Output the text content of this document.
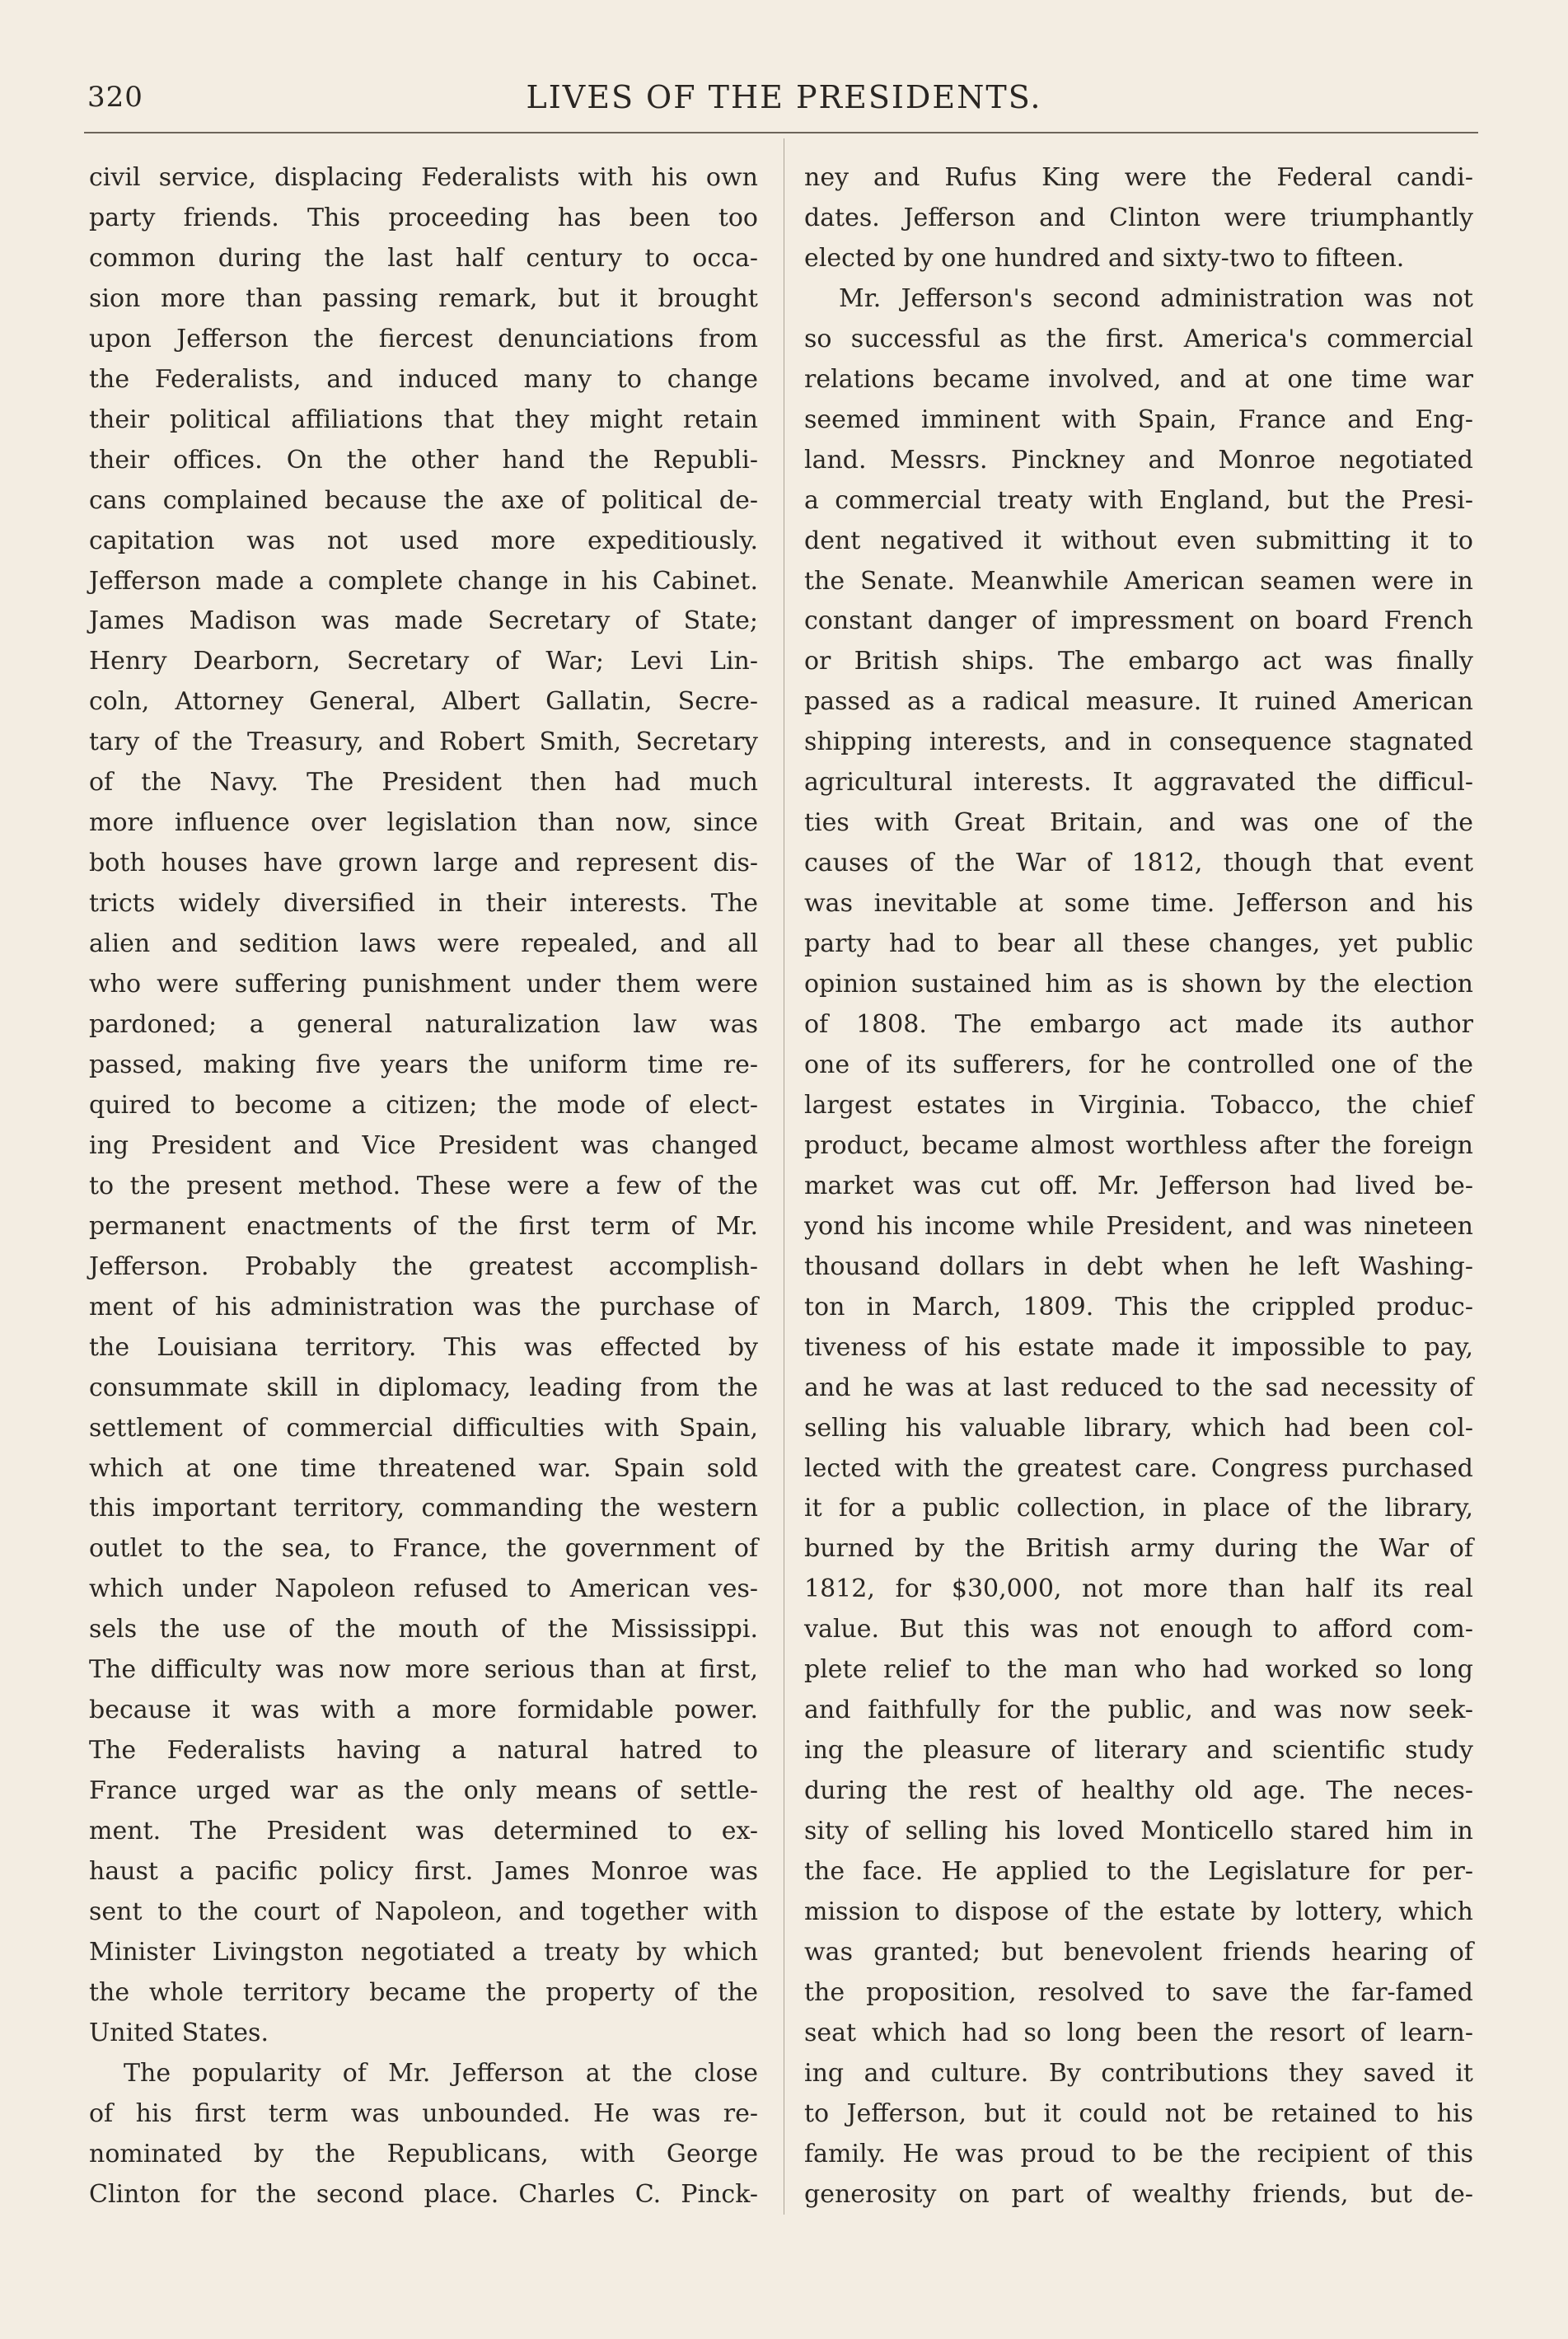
320	LIVES OF THE PRESIDENTS.
civil service, displacing Federalists with his own
party friends. This proceeding has been too
common during the last half century to occa-
sion more than passing remark, but it brought
upon Jefferson the fiercest denunciations from
the Federalists, and induced many to change
their political affiliations that they might retain
their offices. On the other hand the Republi-
cans complained because the axe of political de-
capitation was not used more expeditiously.
Jefferson made a complete change in his Cabinet.
James Madison was made Secretary of State;
Henry Dearborn, Secretary of War; Levi Lin-
coln, Attorney General, Albert Gallatin, Secre-
tary of the Treasury, and Robert Smith, Secretary
of the Navy. The President then had much
more influence over legislation than now, since
both houses have grown large and represent dis-
tricts widely diversified in their interests. The
alien and sedition laws were repealed, and all
who were suffering punishment under them were
pardoned; a general naturalization law was
passed, making five years the uniform time re-
quired to become a citizen; the mode of elect-
ing President and Vice President was changed
to the present method. These were a few of the
permanent enactments of the first term of Mr.
Jefferson. Probably the greatest accomplish-
ment of his administration was the purchase of
the Louisiana territory. This was effected by
consummate skill in diplomacy, leading from the
settlement of commercial difficulties with Spain,
which at one time threatened war. Spain sold
this important territory, commanding the western
outlet to the sea, to France, the government of
which under Napoleon refused to American ves-
sels the use of the mouth of the Mississippi.
The difficulty was now more serious than at first,
because it was with a more formidable power.
The Federalists having a natural hatred to
France urged war as the only means of settle-
ment. The President was determined to ex-
haust a pacific policy first. James Monroe was
sent to the court of Napoleon, and together with
Minister Livingston negotiated a treaty by which
the whole territory became the property of the
United States.
The popularity of Mr. Jefferson at the close
of his first term was unbounded. He was re-
nominated by the Republicans, with George
Clinton for the second place. Charles C. Pinck-
ney and Rufus King were the Federal candi-
dates. Jefferson and Clinton were triumphantly
elected by one hundred and sixty-two to fifteen.
Mr. Jefferson's second administration was not
so successful as the first. America's commercial
relations became involved, and at one time war
seemed imminent with Spain, France and Eng-
land. Messrs. Pinckney and Monroe negotiated
a commercial treaty with England, but the Presi-
dent negatived it without even submitting it to
the Senate. Meanwhile American seamen were in
constant danger of impressment on board French
or British ships. The embargo act was finally
passed as a radical measure. It ruined American
shipping interests, and in consequence stagnated
agricultural interests. It aggravated the difficul-
ties with Great Britain, and was one of the
causes of the War of 1812, though that event
was inevitable at some time. Jefferson and his
party had to bear all these changes, yet public
opinion sustained him as is shown by the election
of 1808. The embargo act made its author
one of its sufferers, for he controlled one of the
largest estates in Virginia. Tobacco, the chief
product, became almost worthless after the foreign
market was cut off. Mr. Jefferson had lived be-
yond his income while President, and was nineteen
thousand dollars in debt when he left Washing-
ton in March, 1809. This the crippled produc-
tiveness of his estate made it impossible to pay,
and he was at last reduced to the sad necessity of
selling his valuable library, which had been col-
lected with the greatest care. Congress purchased
it for a public collection, in place of the library,
burned by the British army during the War of
1812, for $30,000, not more than half its real
value. But this was not enough to afford com-
plete relief to the man who had worked so long
and faithfully for the public, and was now seek-
ing the pleasure of literary and scientific study
during the rest of healthy old age. The neces-
sity of selling his loved Monticello stared him in
the face. He applied to the Legislature for per-
mission to dispose of the estate by lottery, which
was granted; but benevolent friends hearing of
the proposition, resolved to save the far-famed
seat which had so long been the resort of learn-
ing and culture. By contributions they saved it
to Jefferson, but it could not be retained to his
family. He was proud to be the recipient of this
generosity on part of wealthy friends, but de-
